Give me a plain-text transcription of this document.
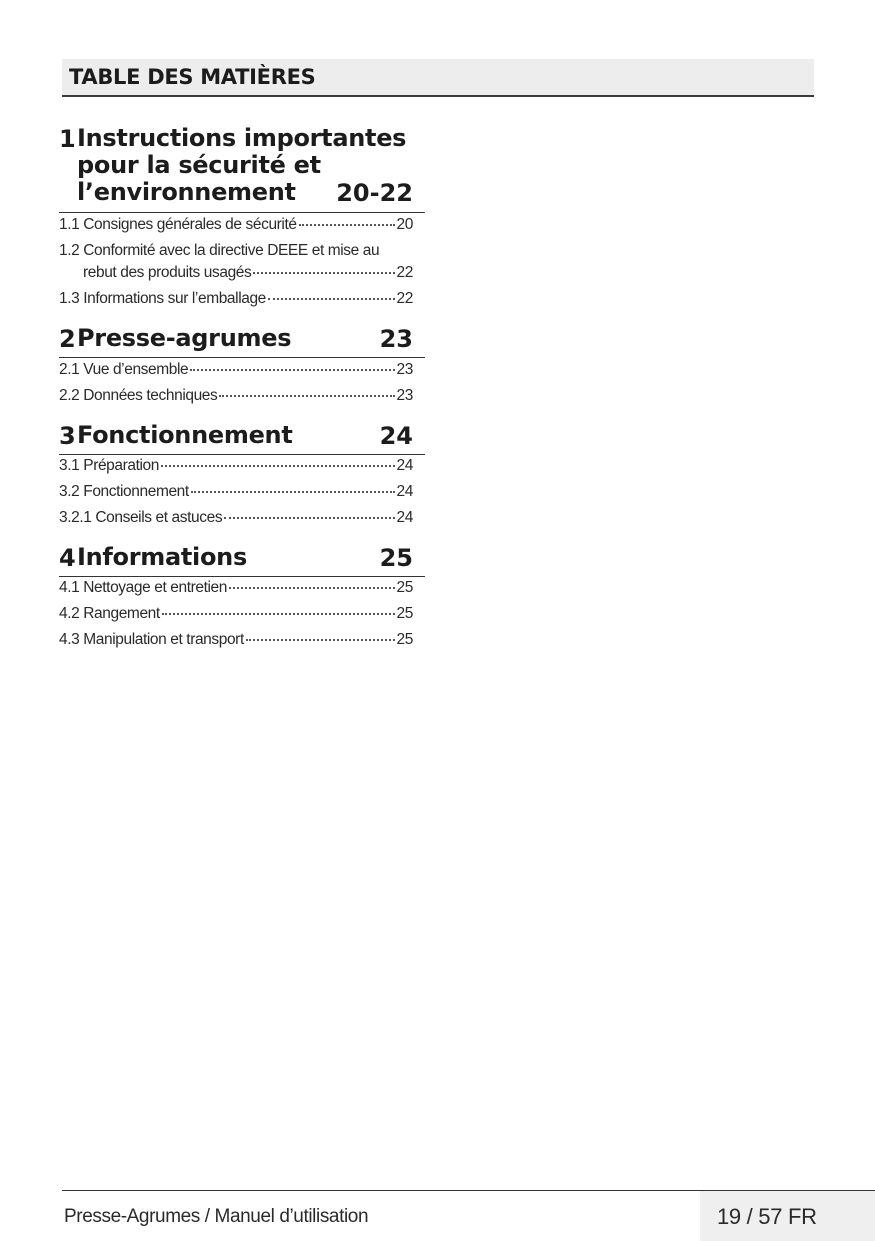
TABLE DES MATIÈRES
1 Instructions importantes
pour la sécurité et
l’environnement 20-22
1.1 Consignes générales de sécurité	20
1.2 Conformité avec la directive DEEE et mise au
rebut des produits usagés	22
1.3 Informations sur l’emballage	22
2 Presse-agrumes	23
2.1 Vue d’ensemble	23
2.2 Données techniques	23
3 Fonctionnement	24
3.1 Préparation	24
3.2 Fonctionnement	24
3.2.1 Conseils et astuces	24
4 Informations	25
4.1 Nettoyage et entretien	25
4.2 Rangement	25
4.3 Manipulation et transport	25
Presse-Agrumes / Manuel d’utilisation	19 / 57 FR
